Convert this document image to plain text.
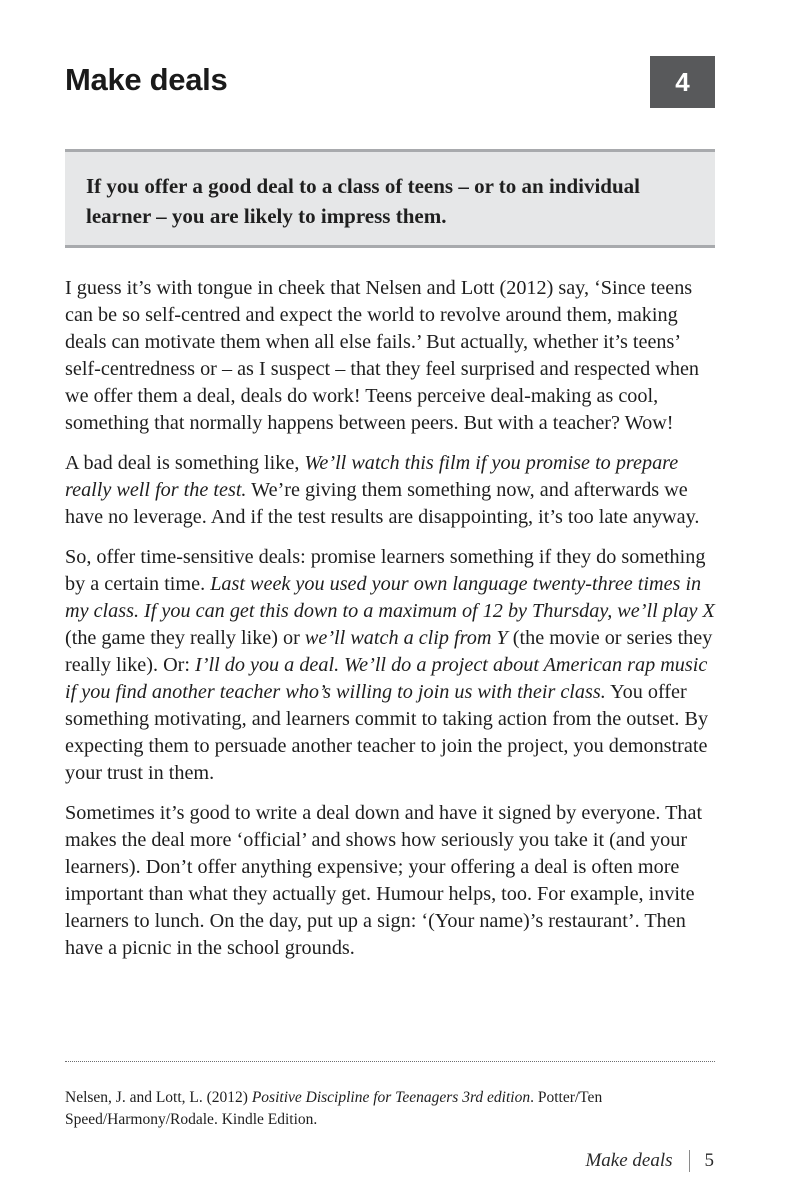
Make deals	4

If you offer a good deal to a class of teens – or to an individual learner – you are likely to impress them.

I guess it’s with tongue in cheek that Nelsen and Lott (2012) say, ‘Since teens can be so self-centred and expect the world to revolve around them, making deals can motivate them when all else fails.’ But actually, whether it’s teens’ self-centredness or – as I suspect – that they feel surprised and respected when we offer them a deal, deals do work! Teens perceive deal-making as cool, something that normally happens between peers. But with a teacher? Wow!

A bad deal is something like, We’ll watch this film if you promise to prepare really well for the test. We’re giving them something now, and afterwards we have no leverage. And if the test results are disappointing, it’s too late anyway.

So, offer time-sensitive deals: promise learners something if they do something by a certain time. Last week you used your own language twenty-three times in my class. If you can get this down to a maximum of 12 by Thursday, we’ll play X (the game they really like) or we’ll watch a clip from Y (the movie or series they really like). Or: I’ll do you a deal. We’ll do a project about American rap music if you find another teacher who’s willing to join us with their class. You offer something motivating, and learners commit to taking action from the outset. By expecting them to persuade another teacher to join the project, you demonstrate your trust in them.

Sometimes it’s good to write a deal down and have it signed by everyone. That makes the deal more ‘official’ and shows how seriously you take it (and your learners). Don’t offer anything expensive; your offering a deal is often more important than what they actually get. Humour helps, too. For example, invite learners to lunch. On the day, put up a sign: ‘(Your name)’s restaurant’. Then have a picnic in the school grounds.

Nelsen, J. and Lott, L. (2012) Positive Discipline for Teenagers 3rd edition. Potter/Ten Speed/Harmony/Rodale. Kindle Edition.

Make deals 5
